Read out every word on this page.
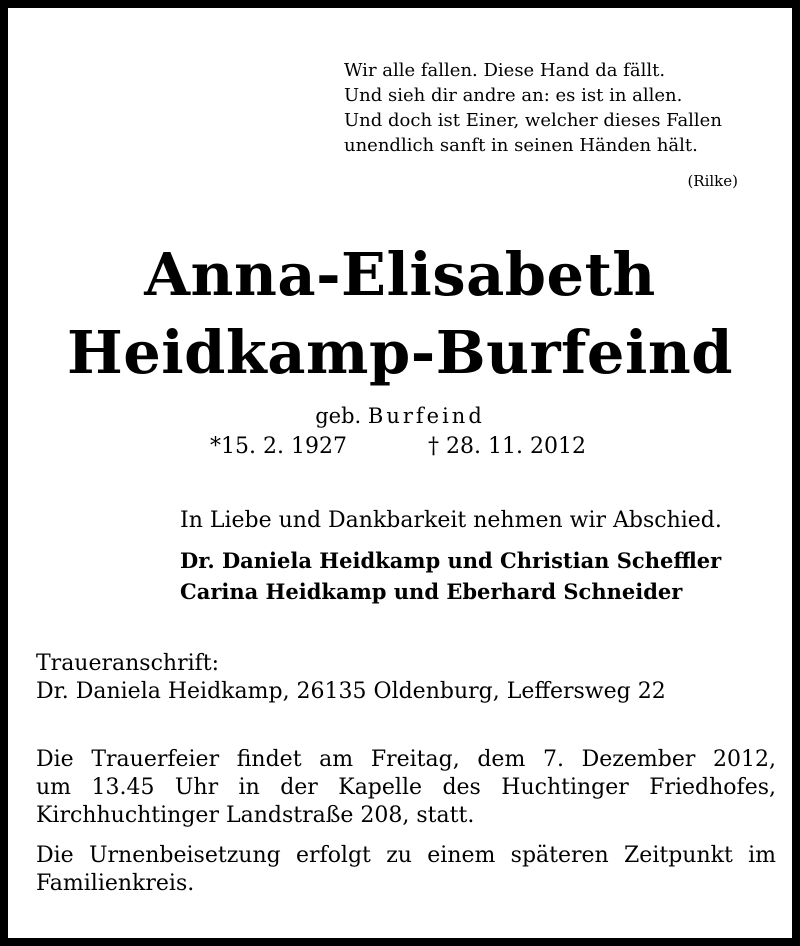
Wir alle fallen. Diese Hand da fällt.
Und sieh dir andre an: es ist in allen.
Und doch ist Einer, welcher dieses Fallen
unendlich sanft in seinen Händen hält.
(Rilke)
Anna-Elisabeth
Heidkamp-Burfeind
geb. Burfeind
*15. 2. 1927	† 28. 11. 2012
In Liebe und Dankbarkeit nehmen wir Abschied.
Dr. Daniela Heidkamp und Christian Scheffler
Carina Heidkamp und Eberhard Schneider
Traueranschrift:
Dr. Daniela Heidkamp, 26135 Oldenburg, Leffersweg 22
Die Trauerfeier findet am Freitag, dem 7. Dezember 2012,
um 13.45 Uhr in der Kapelle des Huchtinger Friedhofes,
Kirchhuchtinger Landstraße 208, statt.
Die Urnenbeisetzung erfolgt zu einem späteren Zeitpunkt im
Familienkreis.
